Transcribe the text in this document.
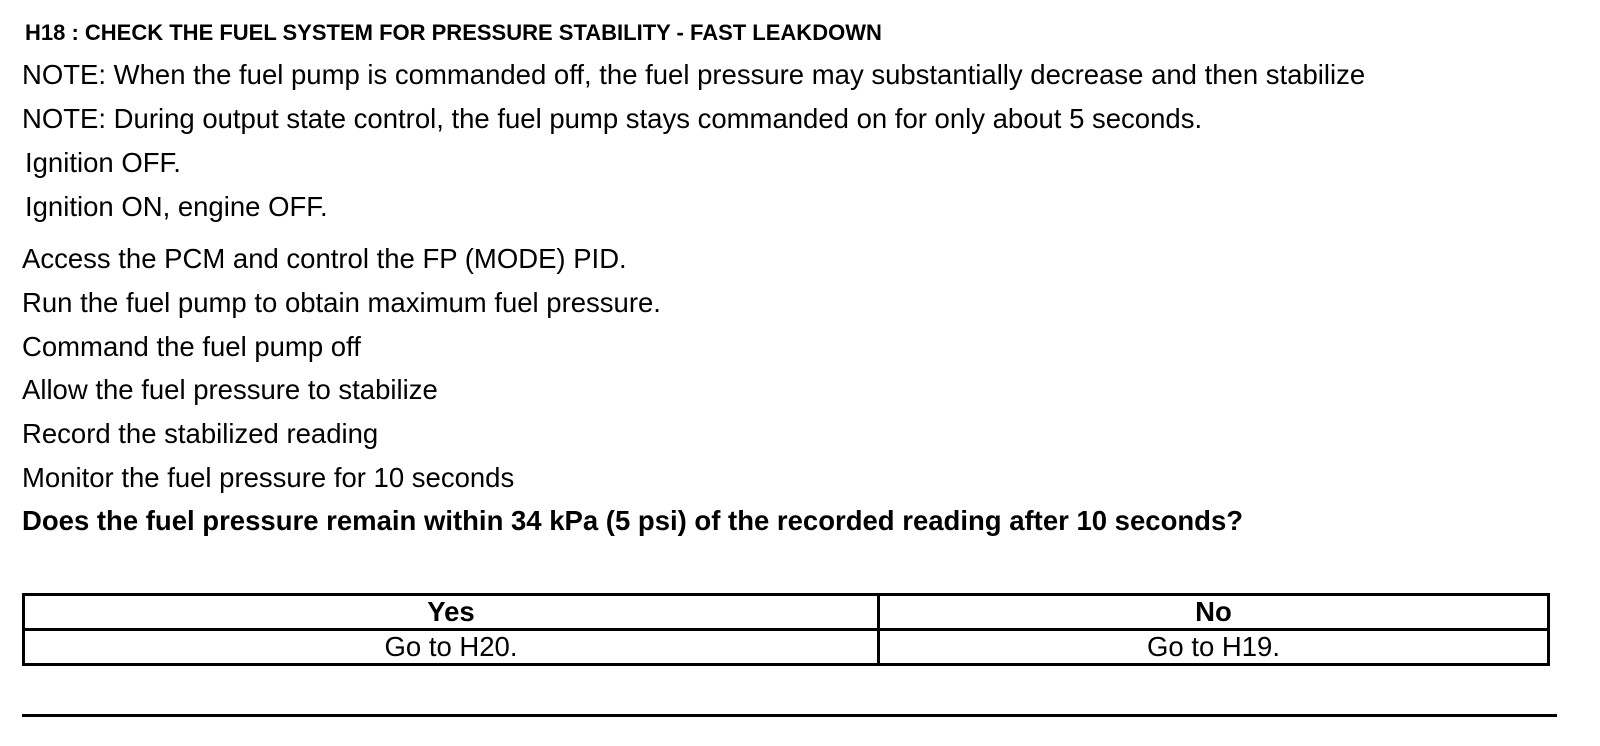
H18 : CHECK THE FUEL SYSTEM FOR PRESSURE STABILITY - FAST LEAKDOWN
NOTE: When the fuel pump is commanded off, the fuel pressure may substantially decrease and then stabilize
NOTE: During output state control, the fuel pump stays commanded on for only about 5 seconds.
Ignition OFF.
Ignition ON, engine OFF.
Access the PCM and control the FP (MODE) PID.
Run the fuel pump to obtain maximum fuel pressure.
Command the fuel pump off
Allow the fuel pressure to stabilize
Record the stabilized reading
Monitor the fuel pressure for 10 seconds
Does the fuel pressure remain within 34 kPa (5 psi) of the recorded reading after 10 seconds?
Yes	No
Go to H20.	Go to H19.
